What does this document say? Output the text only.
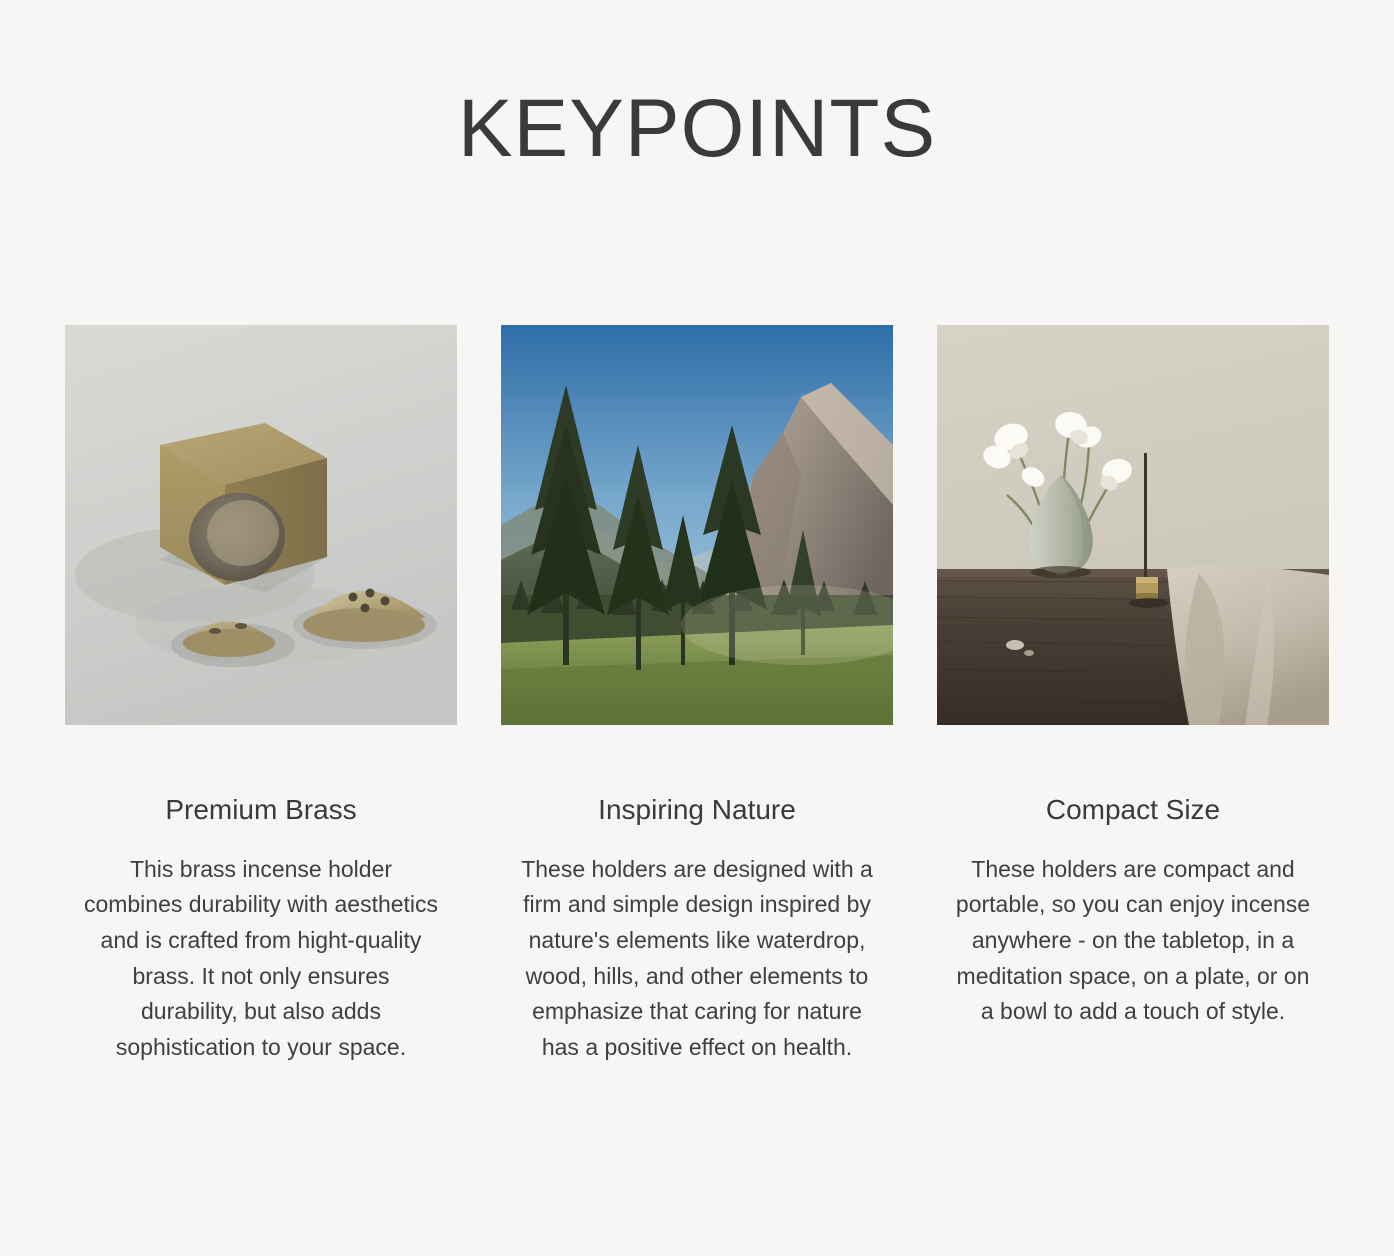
KEYPOINTS
Premium Brass
This brass incense holder combines durability with aesthetics and is crafted from hight-quality brass. It not only ensures durability, but also adds sophistication to your space.
Inspiring Nature
These holders are designed with a firm and simple design inspired by nature's elements like waterdrop, wood, hills, and other elements to emphasize that caring for nature has a positive effect on health.
Compact Size
These holders are compact and portable, so you can enjoy incense anywhere - on the tabletop, in a meditation space, on a plate, or on a bowl to add a touch of style.
